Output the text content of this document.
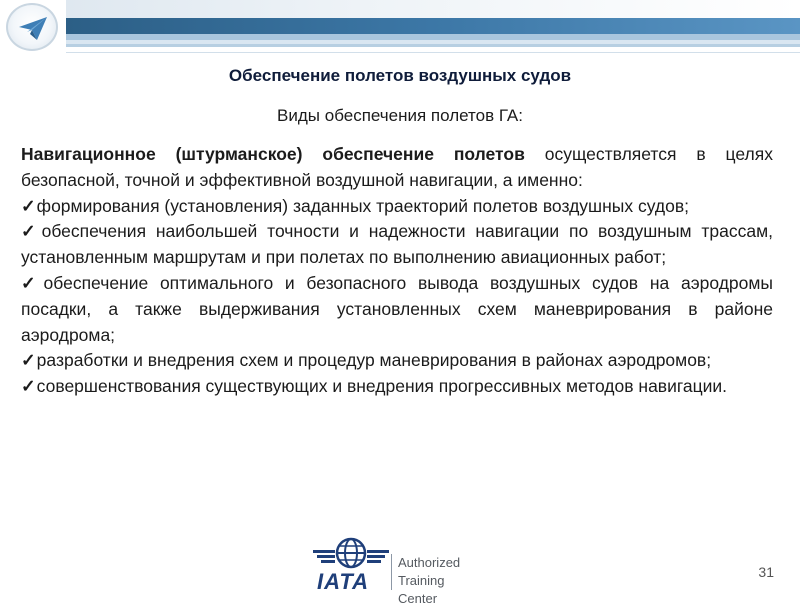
Обеспечение полетов воздушных судов
Виды обеспечения полетов ГА:

Навигационное (штурманское) обеспечение полетов осуществляется в целях безопасной, точной и эффективной воздушной навигации, а именно:

✓формирования (установления) заданных траекторий полетов воздушных судов;

✓обеспечения наибольшей точности и надежности навигации по воздушным трассам, установленным маршрутам и при полетах по выполнению авиационных работ;

✓обеспечение оптимального и безопасного вывода воздушных судов на аэродромы посадки, а также выдерживания установленных схем маневрирования в районе аэродрома;

✓разработки и внедрения схем и процедур маневрирования в районах аэродромов;

✓совершенствования существующих и внедрения прогрессивных методов навигации.

IATA
Authorized
Training Center
31
